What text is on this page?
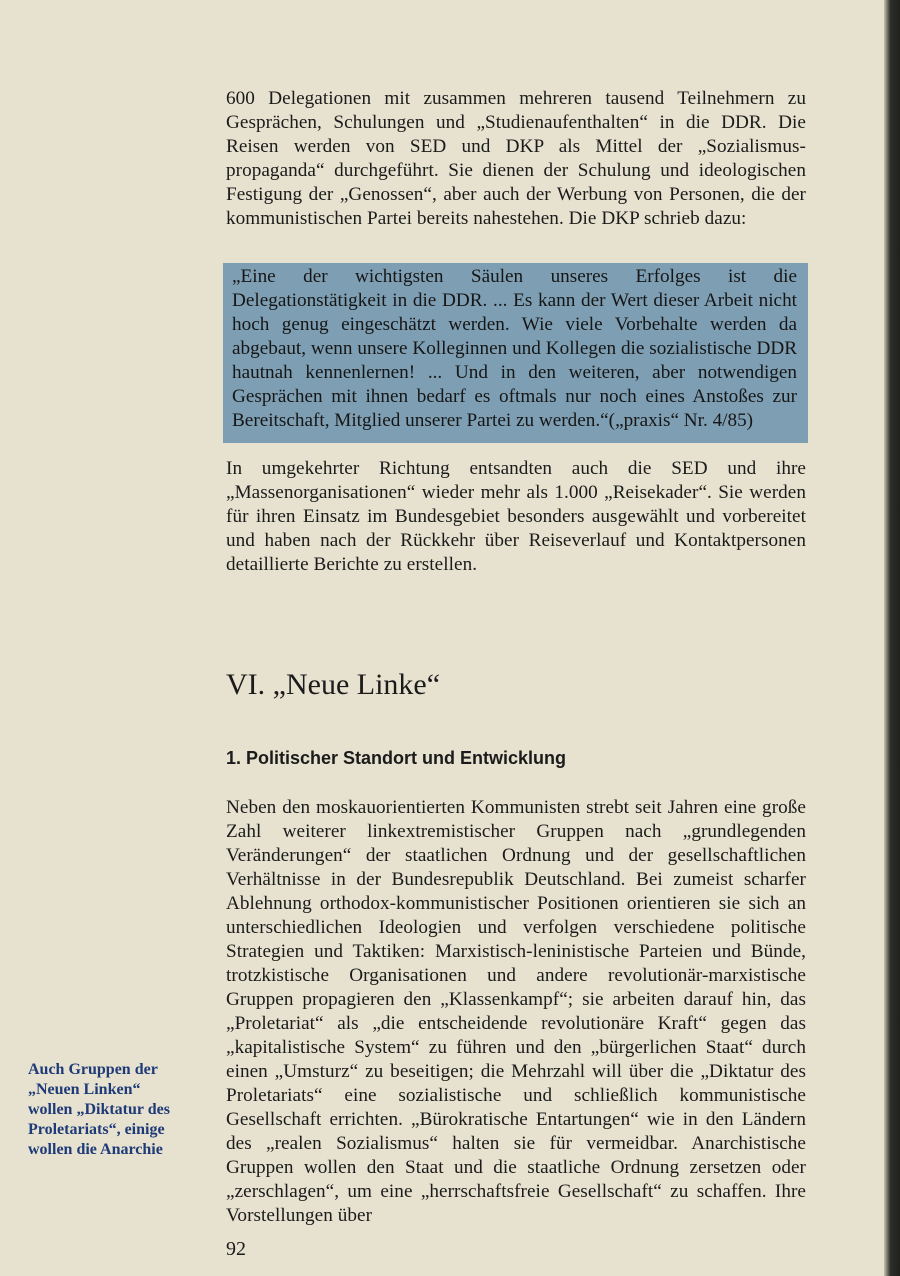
600 Delegationen mit zusammen mehreren tausend Teilnehmern zu Gesprächen, Schulungen und „Studienaufenthalten“ in die DDR. Die Reisen werden von SED und DKP als Mittel der „Sozialismus-propaganda“ durchgeführt. Sie dienen der Schulung und ideologischen Festigung der „Genossen“, aber auch der Werbung von Personen, die der kommunistischen Partei bereits nahestehen. Die DKP schrieb dazu:

„Eine der wichtigsten Säulen unseres Erfolges ist die Delegationstätigkeit in die DDR. ... Es kann der Wert dieser Arbeit nicht hoch genug eingeschätzt werden. Wie viele Vorbehalte werden da abgebaut, wenn unsere Kolleginnen und Kollegen die sozialistische DDR hautnah kennenlernen! ... Und in den weiteren, aber notwendigen Gesprächen mit ihnen bedarf es oftmals nur noch eines Anstoßes zur Bereitschaft, Mitglied unserer Partei zu werden.“(„praxis“ Nr. 4/85)

In umgekehrter Richtung entsandten auch die SED und ihre „Massenorganisationen“ wieder mehr als 1.000 „Reisekader“. Sie werden für ihren Einsatz im Bundesgebiet besonders ausgewählt und vorbereitet und haben nach der Rückkehr über Reiseverlauf und Kontaktpersonen detaillierte Berichte zu erstellen.

VI. „Neue Linke“
1. Politischer Standort und Entwicklung

Neben den moskauorientierten Kommunisten strebt seit Jahren eine große Zahl weiterer linkextremistischer Gruppen nach „grundlegenden Veränderungen“ der staatlichen Ordnung und der gesellschaftlichen Verhältnisse in der Bundesrepublik Deutschland. Bei zumeist scharfer Ablehnung orthodox-kommunistischer Positionen orientieren sie sich an unterschiedlichen Ideologien und verfolgen verschiedene politische Strategien und Taktiken: Marxistisch-leninistische Parteien und Bünde, trotzkistische Organisationen und andere revolutionär-marxistische Gruppen propagieren den „Klassenkampf“; sie arbeiten darauf hin, das „Proletariat“ als „die entscheidende revolutionäre Kraft“ gegen das „kapitalistische System“ zu führen und den „bürgerlichen Staat“ durch einen „Umsturz“ zu beseitigen; die Mehrzahl will über die „Diktatur des Proletariats“ eine sozialistische und schließlich kommunistische Gesellschaft errichten. „Bürokratische Entartungen“ wie in den Ländern des „realen Sozialismus“ halten sie für vermeidbar. Anarchistische Gruppen wollen den Staat und die staatliche Ordnung zersetzen oder „zerschlagen“, um eine „herrschaftsfreie Gesellschaft“ zu schaffen. Ihre Vorstellungen über

Auch Gruppen der „Neuen Linken“ wollen „Diktatur des Proletariats“, einige wollen die Anarchie

92
